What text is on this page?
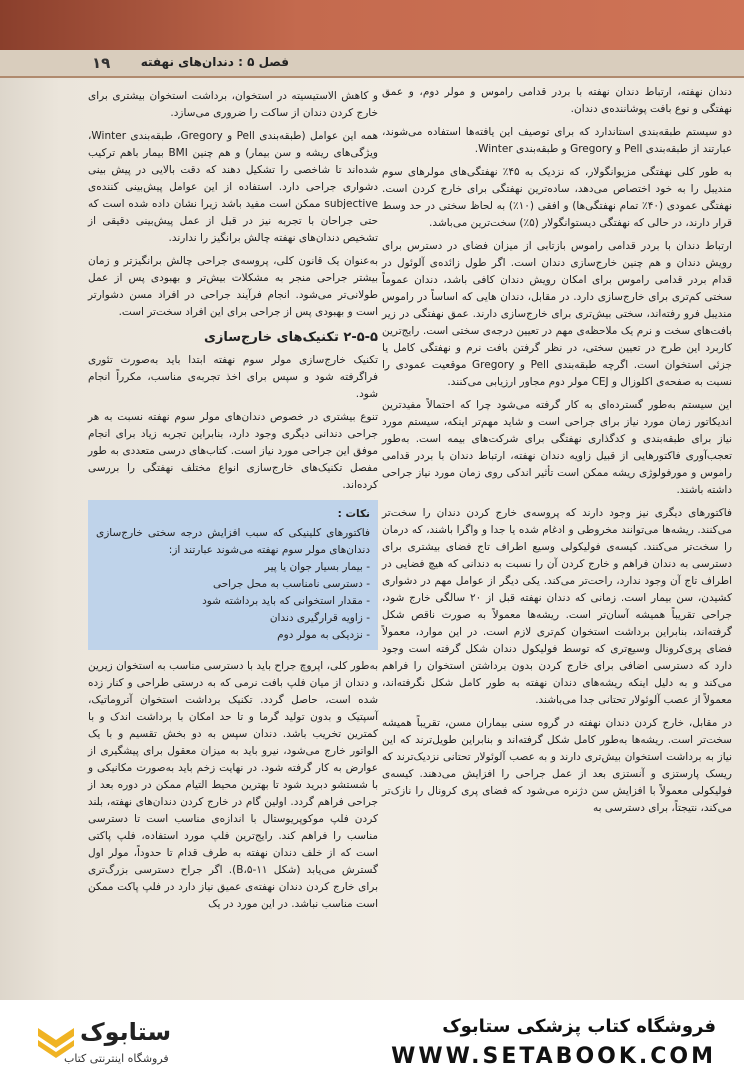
۱۹	فصل ۵ : دندان‌های نهفته

دندان نهفته، ارتباط دندان نهفته با بردر قدامی راموس و مولر دوم، و عمق نهفتگی و نوع بافت پوشاننده‌ی دندان.

دو سیستم طبقه‌بندی استاندارد که برای توصیف این یافته‌ها استفاده می‌شوند، عبارتند از طبقه‌بندی Pell و Gregory و طبقه‌بندی Winter.

به طور کلی نهفتگی مزیوانگولار، که نزدیک به ۴۵٪ نهفتگی‌های مولرهای سوم مندیبل را به خود اختصاص می‌دهد، ساده‌ترین نهفتگی برای خارج کردن است. نهفتگی عمودی (۴۰٪ تمام نهفتگی‌ها) و افقی (۱۰٪) به لحاظ سختی در حد وسط قرار دارند، در حالی که نهفتگی دیستوانگولار (۵٪) سخت‌ترین می‌باشد.

ارتباط دندان با بردر قدامی راموس بازتابی از میزان فضای در دسترس برای رویش دندان و هم چنین خارج‌سازی دندان است. اگر طول زائده‌ی آلوئول در قدام بردر قدامی راموس برای امکان رویش دندان کافی باشد، دندان عموماً سختی کم‌تری برای خارج‌سازی دارد. در مقابل، دندان هایی که اساساً در راموس مندیبل فرو رفته‌اند، سختی بیش‌تری برای خارج‌سازی دارند. عمق نهفتگی در زیر بافت‌های سخت و نرم یک ملاحظه‌ی مهم در تعیین درجه‌ی سختی است. رایج‌ترین کاربرد این طرح در تعیین سختی، در نظر گرفتن بافت نرم و نهفتگی کامل یا جزئی استخوان است. اگرچه طبقه‌بندی Pell و Gregory موقعیت عمودی را نسبت به صفحه‌ی اکلوزال و CEJ مولر دوم مجاور ارزیابی می‌کنند.

این سیستم به‌طور گسترده‌ای به کار گرفته می‌شود چرا که احتمالاً مفیدترین اندیکاتور زمان مورد نیاز برای جراحی است و شاید مهم‌تر اینکه، سیستم مورد نیاز برای طبقه‌بندی و کدگذاری نهفتگی برای شرکت‌های بیمه است. به‌طور تعجب‌آوری فاکتورهایی از قبیل زاویه دندان نهفته، ارتباط دندان با بردر قدامی راموس و مورفولوژی ریشه ممکن است تأثیر اندکی روی زمان مورد نیاز جراحی داشته باشند.

فاکتورهای دیگری نیز وجود دارند که پروسه‌ی خارج کردن دندان را سخت‌تر می‌کنند. ریشه‌ها می‌توانند مخروطی و ادغام شده یا جدا و واگرا باشند، که درمان را سخت‌تر می‌کنند. کیسه‌ی فولیکولی وسیع اطراف تاج فضای بیشتری برای دسترسی به دندان فراهم و خارج کردن آن را نسبت به دندانی که هیچ فضایی در اطراف تاج آن وجود ندارد، راحت‌تر می‌کند. یکی دیگر از عوامل مهم در دشواری کشیدن، سن بیمار است. زمانی که دندان نهفته قبل از ۲۰ سالگی خارج شود، جراحی تقریباً همیشه آسان‌تر است. ریشه‌ها معمولاً به صورت ناقص شکل گرفته‌اند، بنابراین برداشت استخوان کم‌تری لازم است. در این موارد، معمولاً فضای پری‌کرونال وسیع‌تری که توسط فولیکول دندان شکل گرفته است وجود دارد که دسترسی اضافی برای خارج کردن بدون برداشتن استخوان را فراهم می‌کند و به دلیل اینکه ریشه‌های دندان نهفته به طور کامل شکل نگرفته‌اند، معمولاً از عصب آلوئولار تحتانی جدا می‌باشند.

در مقابل، خارج کردن دندان نهفته در گروه سنی بیماران مسن، تقریباً همیشه سخت‌تر است. ریشه‌ها به‌طور کامل شکل گرفته‌اند و بنابراین طویل‌ترند که این نیاز به برداشت استخوان بیش‌تری دارند و به عصب آلوئولار تحتانی نزدیک‌ترند که ریسک پارستزی و آنستزی بعد از عمل جراحی را افزایش می‌دهند. کیسه‌ی فولیکولی معمولاً با افزایش سن دژنره می‌شود که فضای پری کرونال را نازک‌تر می‌کند، نتیجتاً، برای دسترسی به

و کاهش الاستیسیته در استخوان، برداشت استخوان بیشتری برای خارج کردن دندان از ساکت را ضروری می‌سازد.

همه این عوامل (طبقه‌بندی Pell و Gregory، طبقه‌بندی Winter، ویژگی‌های ریشه و سن بیمار) و هم چنین BMI بیمار باهم ترکیب شده‌اند تا شاخصی را تشکیل دهند که دقت بالایی در پیش بینی دشواری جراحی دارد. استفاده از این عوامل پیش‌بینی کننده‌ی subjective ممکن است مفید باشد زیرا نشان داده شده است که حتی جراحان با تجربه نیز در قبل از عمل پیش‌بینی دقیقی از تشخیص دندان‌های نهفته چالش برانگیز را ندارند.

به‌عنوان یک قانون کلی، پروسه‌ی جراحی چالش برانگیزتر و زمان بیشتر جراحی منجر به مشکلات بیش‌تر و بهبودی پس از عمل طولانی‌تر می‌شود. انجام فرآیند جراحی در افراد مسن دشوارتر است و بهبودی پس از جراحی برای این افراد سخت‌تر است.

۲-۵-۵ تکنیک‌های خارج‌سازی

تکنیک خارج‌سازی مولر سوم نهفته ابتدا باید به‌صورت تئوری فراگرفته شود و سپس برای اخذ تجربه‌ی مناسب، مکرراً انجام شود.

تنوع بیشتری در خصوص دندان‌های مولر سوم نهفته نسبت به هر جراحی دندانی دیگری وجود دارد، بنابراین تجربه زیاد برای انجام موفق این جراحی مورد نیاز است. کتاب‌های درسی متعددی به طور مفصل تکنیک‌های خارج‌سازی انواع مختلف نهفتگی را بررسی کرده‌اند.

نکات :
فاکتورهای کلینیکی که سبب افزایش درجه سختی خارج‌سازی دندان‌های مولر سوم نهفته می‌شوند عبارتند از:
- بیمار بسیار جوان یا پیر
- دسترسی نامناسب به محل جراحی
- مقدار استخوانی که باید برداشته شود
- زاویه قرارگیری دندان
- نزدیکی به مولر دوم

به‌طور کلی، اپروچ جراح باید با دسترسی مناسب به استخوان زیرین و دندان از میان فلپ بافت نرمی که به درستی طراحی و کنار زده شده است، حاصل گردد. تکنیک برداشت استخوان آتروماتیک، آسپتیک و بدون تولید گرما و تا حد امکان با برداشت اندک و با کمترین تخریب باشد. دندان سپس به دو بخش تقسیم و با یک الواتور خارج می‌شود، نیرو باید به میزان معقول برای پیشگیری از عوارض به کار گرفته شود. در نهایت زخم باید به‌صورت مکانیکی و با شستشو دبرید شود تا بهترین محیط التیام ممکن در دوره بعد از جراحی فراهم گردد. اولین گام در خارج کردن دندان‌های نهفته، بلند کردن فلپ موکوپریوستال با اندازه‌ی مناسب است تا دسترسی مناسب را فراهم کند. رایج‌ترین فلپ مورد استفاده، فلپ پاکتی است که از خلف دندان نهفته به طرف قدام تا حدوداً، مولر اول گسترش می‌یابد (شکل ۱۱-۵،B). اگر جراح دسترسی بزرگ‌تری برای خارج کردن دندان نهفته‌ی عمیق نیاز دارد در فلپ پاکت ممکن است مناسب نباشد. در این مورد در یک

ستابوک
فروشگاه اینترنتی کتاب
فروشگاه کتاب پزشکی ستابوک
WWW.SETABOOK.COM
